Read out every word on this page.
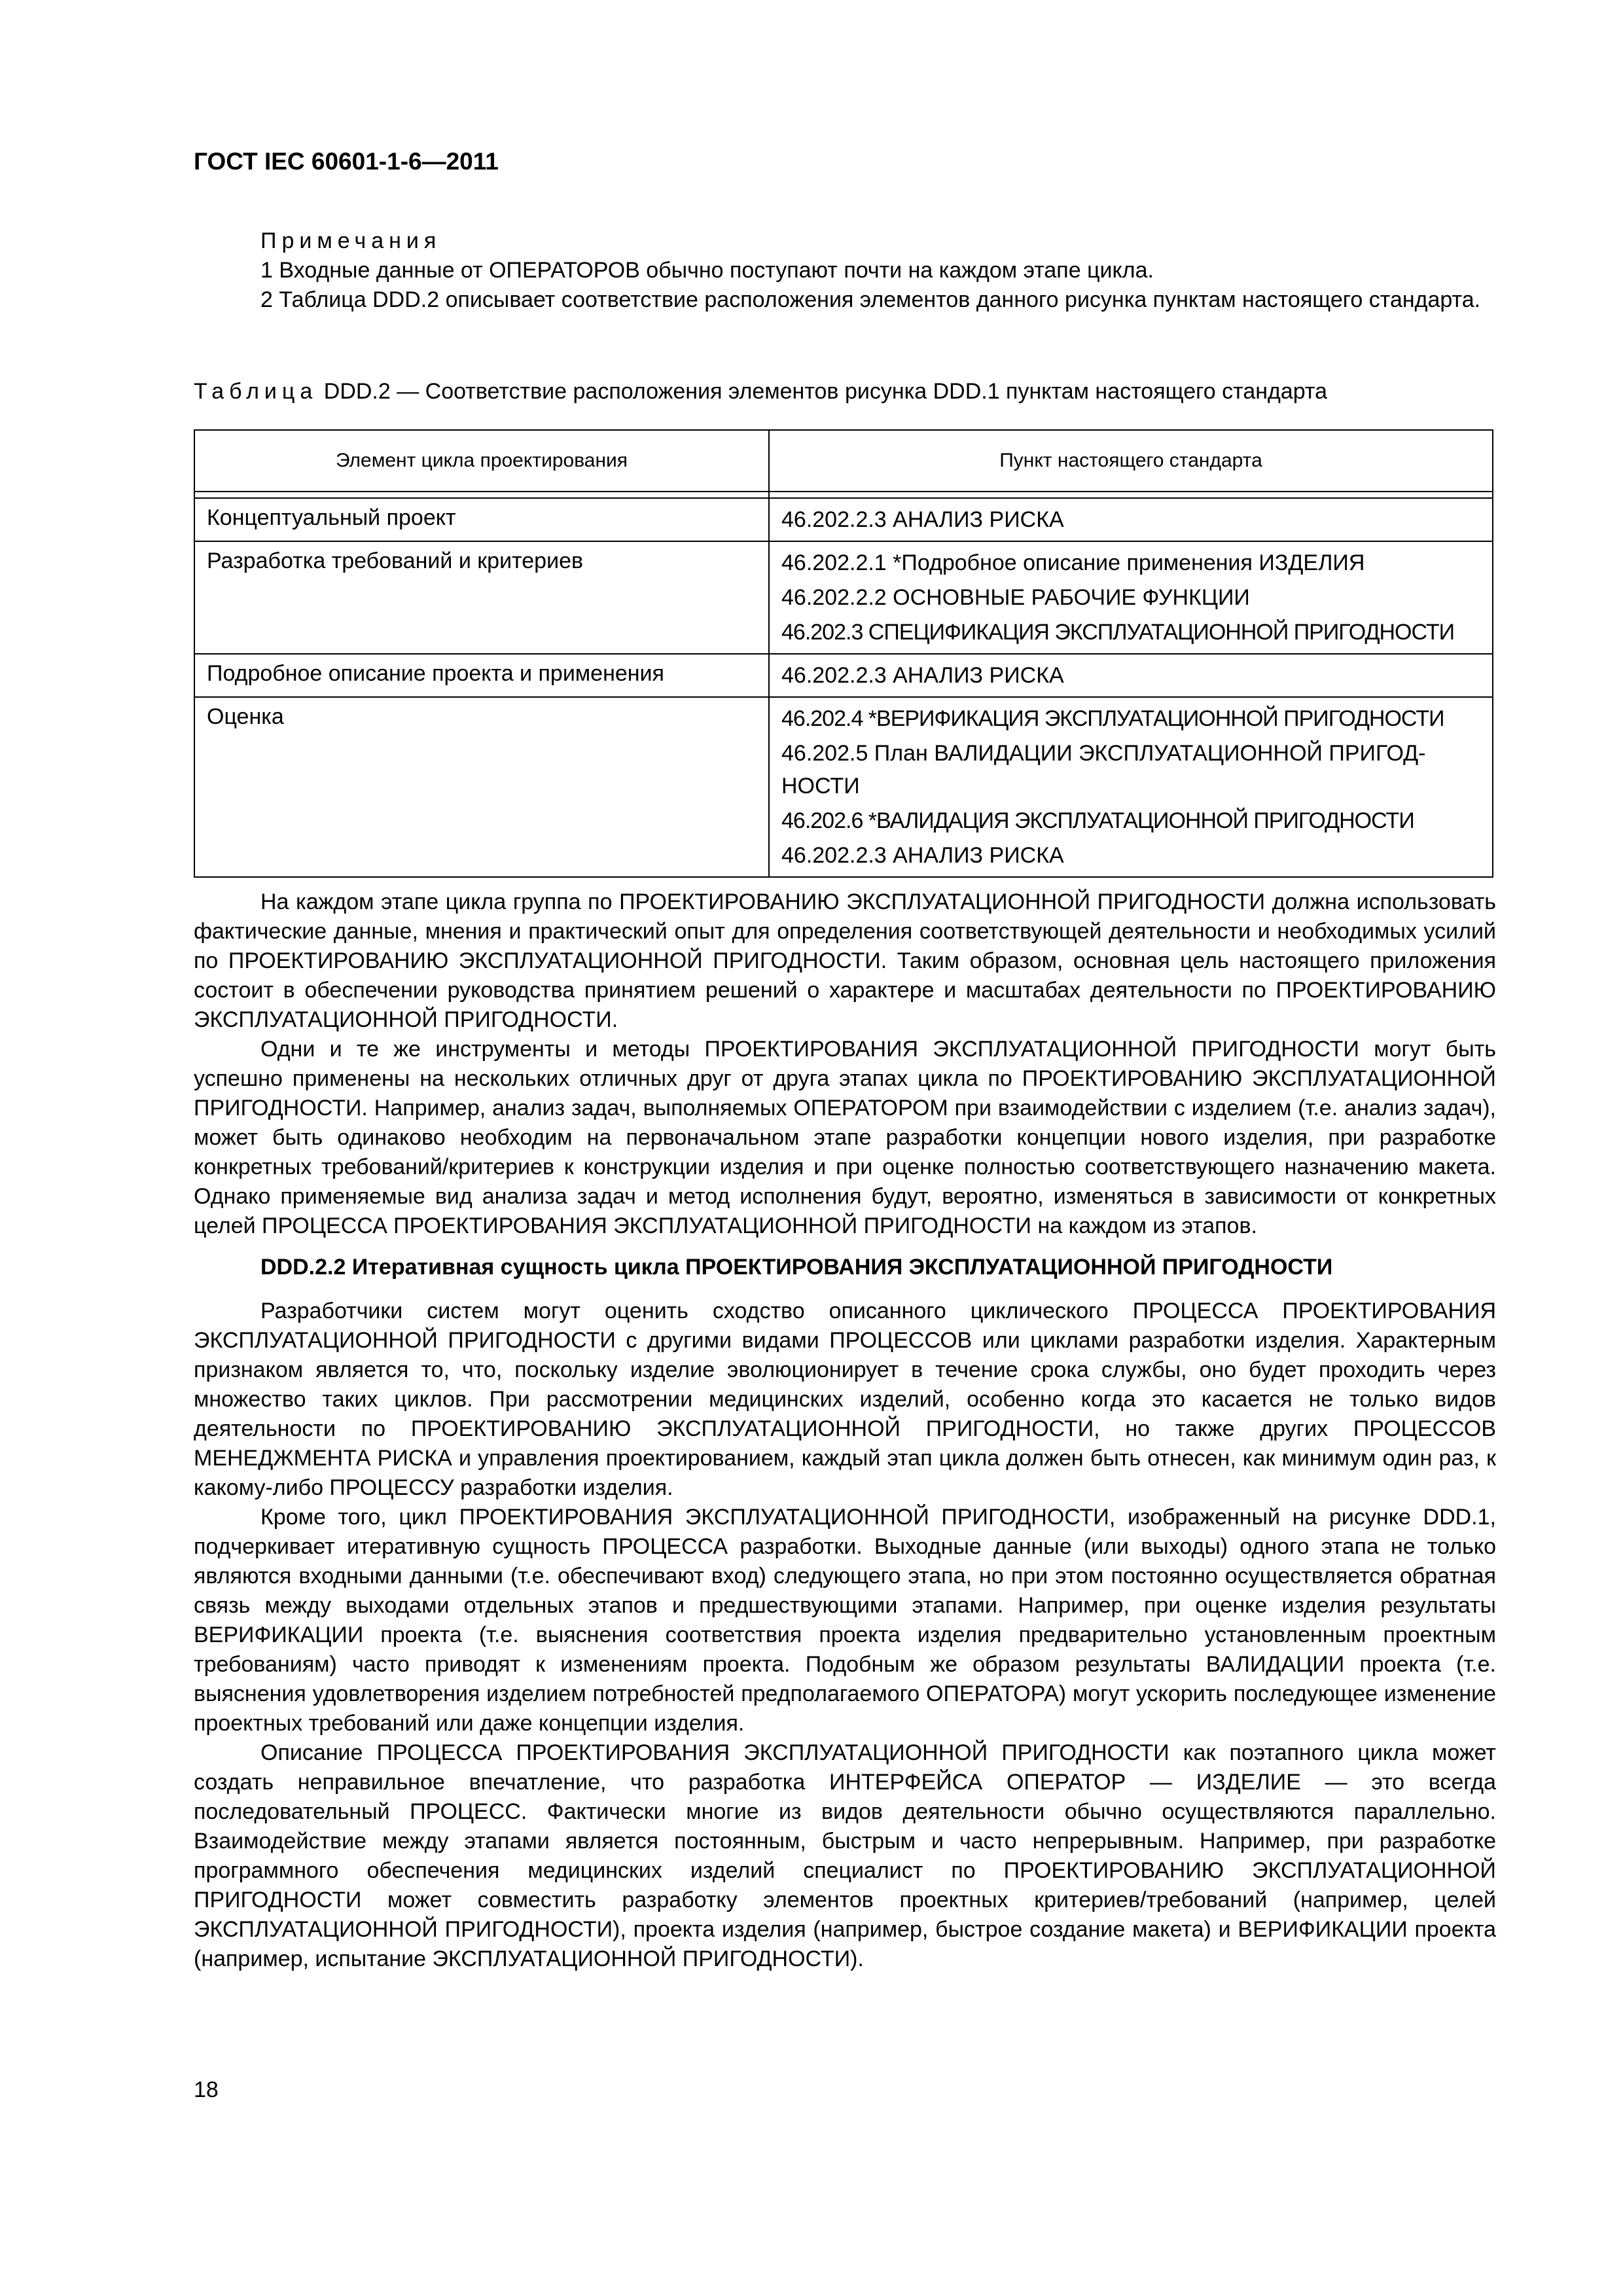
ГОСТ IEC 60601-1-6—2011
Примечания
1 Входные данные от ОПЕРАТОРОВ обычно поступают почти на каждом этапе цикла.
2 Таблица DDD.2 описывает соответствие расположения элементов данного рисунка пунктам настоящего стандарта.
Таблица DDD.2 — Соответствие расположения элементов рисунка DDD.1 пунктам настоящего стандарта
Элемент цикла проектирования	Пункт настоящего стандарта

Концептуальный проект	46.202.2.3 АНАЛИЗ РИСКА

Разработка требований и критериев	46.202.2.1 *Подробное описание применения ИЗДЕЛИЯ
46.202.2.2 ОСНОВНЫЕ РАБОЧИЕ ФУНКЦИИ
46.202.3 СПЕЦИФИКАЦИЯ ЭКСПЛУАТАЦИОННОЙ ПРИГОДНОСТИ

Подробное описание проекта и применения	46.202.2.3 АНАЛИЗ РИСКА

Оценка	46.202.4 *ВЕРИФИКАЦИЯ ЭКСПЛУАТАЦИОННОЙ ПРИГОДНОСТИ
46.202.5 План ВАЛИДАЦИИ ЭКСПЛУАТАЦИОННОЙ ПРИГОД-НОСТИ
46.202.6 *ВАЛИДАЦИЯ ЭКСПЛУАТАЦИОННОЙ ПРИГОДНОСТИ
46.202.2.3 АНАЛИЗ РИСКА

На каждом этапе цикла группа по ПРОЕКТИРОВАНИЮ ЭКСПЛУАТАЦИОННОЙ ПРИГОДНОСТИ должна использовать фактические данные, мнения и практический опыт для определения соответствующей деятельности и необходимых усилий по ПРОЕКТИРОВАНИЮ ЭКСПЛУАТАЦИОННОЙ ПРИГОДНОСТИ. Таким образом, основная цель настоящего приложения состоит в обеспечении руководства принятием решений о характере и масштабах деятельности по ПРОЕКТИРОВАНИЮ ЭКСПЛУАТАЦИОННОЙ ПРИГОДНОСТИ.

Одни и те же инструменты и методы ПРОЕКТИРОВАНИЯ ЭКСПЛУАТАЦИОННОЙ ПРИГОДНОСТИ могут быть успешно применены на нескольких отличных друг от друга этапах цикла по ПРОЕКТИРОВАНИЮ ЭКСПЛУАТАЦИОННОЙ ПРИГОДНОСТИ. Например, анализ задач, выполняемых ОПЕРАТОРОМ при взаимодействии с изделием (т.е. анализ задач), может быть одинаково необходим на первоначальном этапе разработки концепции нового изделия, при разработке конкретных требований/критериев к конструкции изделия и при оценке полностью соответствующего назначению макета. Однако применяемые вид анализа задач и метод исполнения будут, вероятно, изменяться в зависимости от конкретных целей ПРОЦЕССА ПРОЕКТИРОВАНИЯ ЭКСПЛУАТАЦИОННОЙ ПРИГОДНОСТИ на каждом из этапов.

DDD.2.2 Итеративная сущность цикла ПРОЕКТИРОВАНИЯ ЭКСПЛУАТАЦИОННОЙ ПРИГОДНОСТИ

Разработчики систем могут оценить сходство описанного циклического ПРОЦЕССА ПРОЕКТИРОВАНИЯ ЭКСПЛУАТАЦИОННОЙ ПРИГОДНОСТИ с другими видами ПРОЦЕССОВ или циклами разработки изделия. Характерным признаком является то, что, поскольку изделие эволюционирует в течение срока службы, оно будет проходить через множество таких циклов. При рассмотрении медицинских изделий, особенно когда это касается не только видов деятельности по ПРОЕКТИРОВАНИЮ ЭКСПЛУАТАЦИОННОЙ ПРИГОДНОСТИ, но также других ПРОЦЕССОВ МЕНЕДЖМЕНТА РИСКА и управления проектированием, каждый этап цикла должен быть отнесен, как минимум один раз, к какому-либо ПРОЦЕССУ разработки изделия.

Кроме того, цикл ПРОЕКТИРОВАНИЯ ЭКСПЛУАТАЦИОННОЙ ПРИГОДНОСТИ, изображенный на рисунке DDD.1, подчеркивает итеративную сущность ПРОЦЕССА разработки. Выходные данные (или выходы) одного этапа не только являются входными данными (т.е. обеспечивают вход) следующего этапа, но при этом постоянно осуществляется обратная связь между выходами отдельных этапов и предшествующими этапами. Например, при оценке изделия результаты ВЕРИФИКАЦИИ проекта (т.е. выяснения соответствия проекта изделия предварительно установленным проектным требованиям) часто приводят к изменениям проекта. Подобным же образом результаты ВАЛИДАЦИИ проекта (т.е. выяснения удовлетворения изделием потребностей предполагаемого ОПЕРАТОРА) могут ускорить последующее изменение проектных требований или даже концепции изделия.

Описание ПРОЦЕССА ПРОЕКТИРОВАНИЯ ЭКСПЛУАТАЦИОННОЙ ПРИГОДНОСТИ как поэтапного цикла может создать неправильное впечатление, что разработка ИНТЕРФЕЙСА ОПЕРАТОР — ИЗДЕЛИЕ — это всегда последовательный ПРОЦЕСС. Фактически многие из видов деятельности обычно осуществляются параллельно. Взаимодействие между этапами является постоянным, быстрым и часто непрерывным. Например, при разработке программного обеспечения медицинских изделий специалист по ПРОЕКТИРОВАНИЮ ЭКСПЛУАТАЦИОННОЙ ПРИГОДНОСТИ может совместить разработку элементов проектных критериев/требований (например, целей ЭКСПЛУАТАЦИОННОЙ ПРИГОДНОСТИ), проекта изделия (например, быстрое создание макета) и ВЕРИФИКАЦИИ проекта (например, испытание ЭКСПЛУАТАЦИОННОЙ ПРИГОДНОСТИ).

18
